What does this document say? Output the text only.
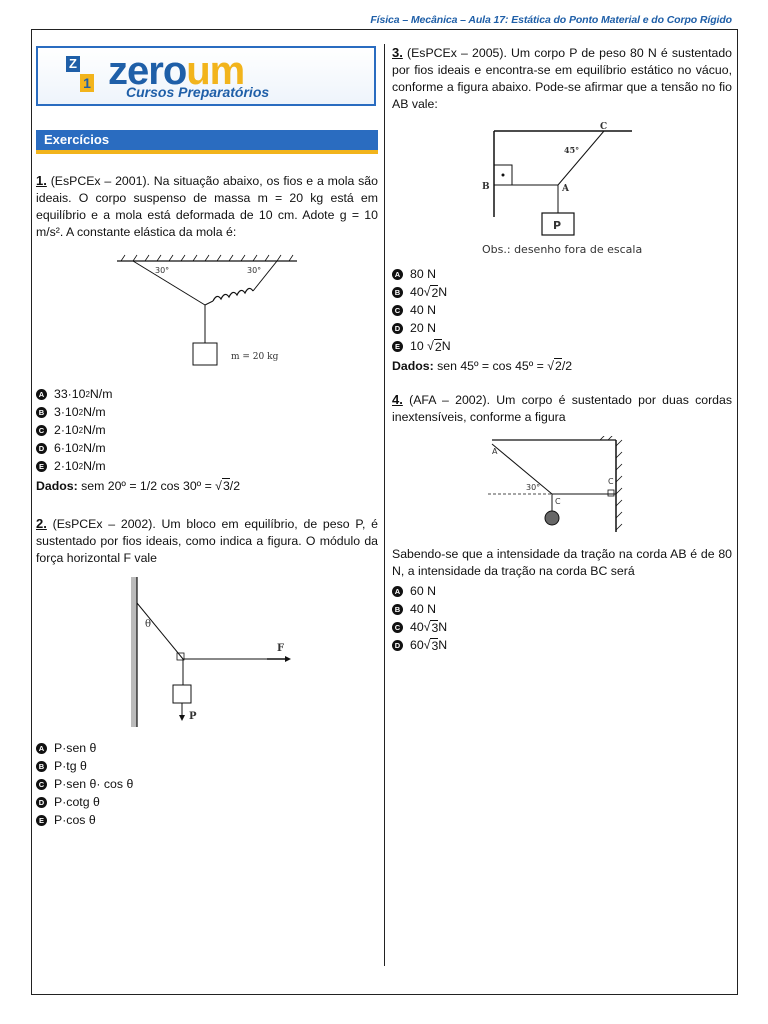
Física – Mecânica – Aula 17: Estática do Ponto Material e do Corpo Rígido
Z
1 zeroum
Cursos Preparatórios
Exercícios
1. (EsPCEx – 2001). Na situação abaixo, os fios e a mola são ideais. O corpo suspenso de massa m = 20 kg está em equilíbrio e a mola está deformada de 10 cm. Adote g = 10 m/s². A constante elástica da mola é:
30°	30°
m = 20 kg
A 33·10 2 N/m
B 3·10 2 N/m
C 2·10 2 N/m
D 6·10 2 N/m
E 2·10 2 N/m
Dados: sem 20º = 1/2 cos 30º = √3/2
2. (EsPCEx – 2002). Um bloco em equilíbrio, de peso P, é sustentado por fios ideais, como indica a figura. O módulo da força horizontal F vale
θ
F
P
A P·sen θ
B P·tg θ
C P·sen θ· cos θ
D P·cotg θ
E P·cos θ
3. (EsPCEx – 2005). Um corpo P de peso 80 N é sustentado por fios ideais e encontra-se em equilíbrio estático no vácuo, conforme a figura abaixo. Pode-se afirmar que a tensão no fio AB vale:
C
B	A
45°
P
Obs.: desenho fora de escala
A 80 N
B 40√ 2 N
C 40 N
D 20 N
E 10 √ 2 N
Dados: sen 45º = cos 45º = √2/2
4. (AFA – 2002). Um corpo é sustentado por duas cordas inextensíveis, conforme a figura
A
30°
C
C
Sabendo-se que a intensidade da tração na corda AB é de 80 N, a intensidade da tração na corda BC será
A 60 N
B 40 N
C 40√ 3 N
D 60√ 3 N
